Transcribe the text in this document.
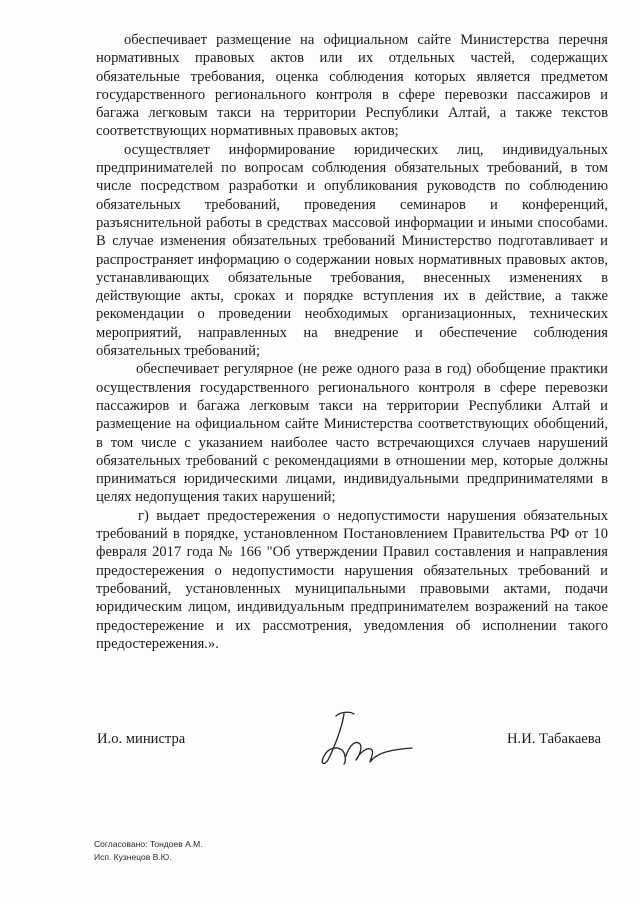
обеспечивает размещение на официальном сайте Министерства перечня нормативных правовых актов или их отдельных частей, содержащих обязательные требования, оценка соблюдения которых является предметом государственного регионального контроля в сфере перевозки пассажиров и багажа легковым такси на территории Республики Алтай, а также текстов соответствующих нормативных правовых актов;

осуществляет информирование юридических лиц, индивидуальных предпринимателей по вопросам соблюдения обязательных требований, в том числе посредством разработки и опубликования руководств по соблюдению обязательных требований, проведения семинаров и конференций, разъяснительной работы в средствах массовой информации и иными способами. В случае изменения обязательных требований Министерство подготавливает и распространяет информацию о содержании новых нормативных правовых актов, устанавливающих обязательные требования, внесенных изменениях в действующие акты, сроках и порядке вступления их в действие, а также рекомендации о проведении необходимых организационных, технических мероприятий, направленных на внедрение и обеспечение соблюдения обязательных требований;

обеспечивает регулярное (не реже одного раза в год) обобщение практики осуществления государственного регионального контроля в сфере перевозки пассажиров и багажа легковым такси на территории Республики Алтай и размещение на официальном сайте Министерства соответствующих обобщений, в том числе с указанием наиболее часто встречающихся случаев нарушений обязательных требований с рекомендациями в отношении мер, которые должны приниматься юридическими лицами, индивидуальными предпринимателями в целях недопущения таких нарушений;

г) выдает предостережения о недопустимости нарушения обязательных требований в порядке, установленном Постановлением Правительства РФ от 10 февраля 2017 года № 166 "Об утверждении Правил составления и направления предостережения о недопустимости нарушения обязательных требований и требований, установленных муниципальными правовыми актами, подачи юридическим лицом, индивидуальным предпринимателем возражений на такое предостережение и их рассмотрения, уведомления об исполнении такого предостережения.».

И.о. министра	Н.И. Табакаева
Согласовано: Тондоев А.М.
Исп. Кузнецов В.Ю.
